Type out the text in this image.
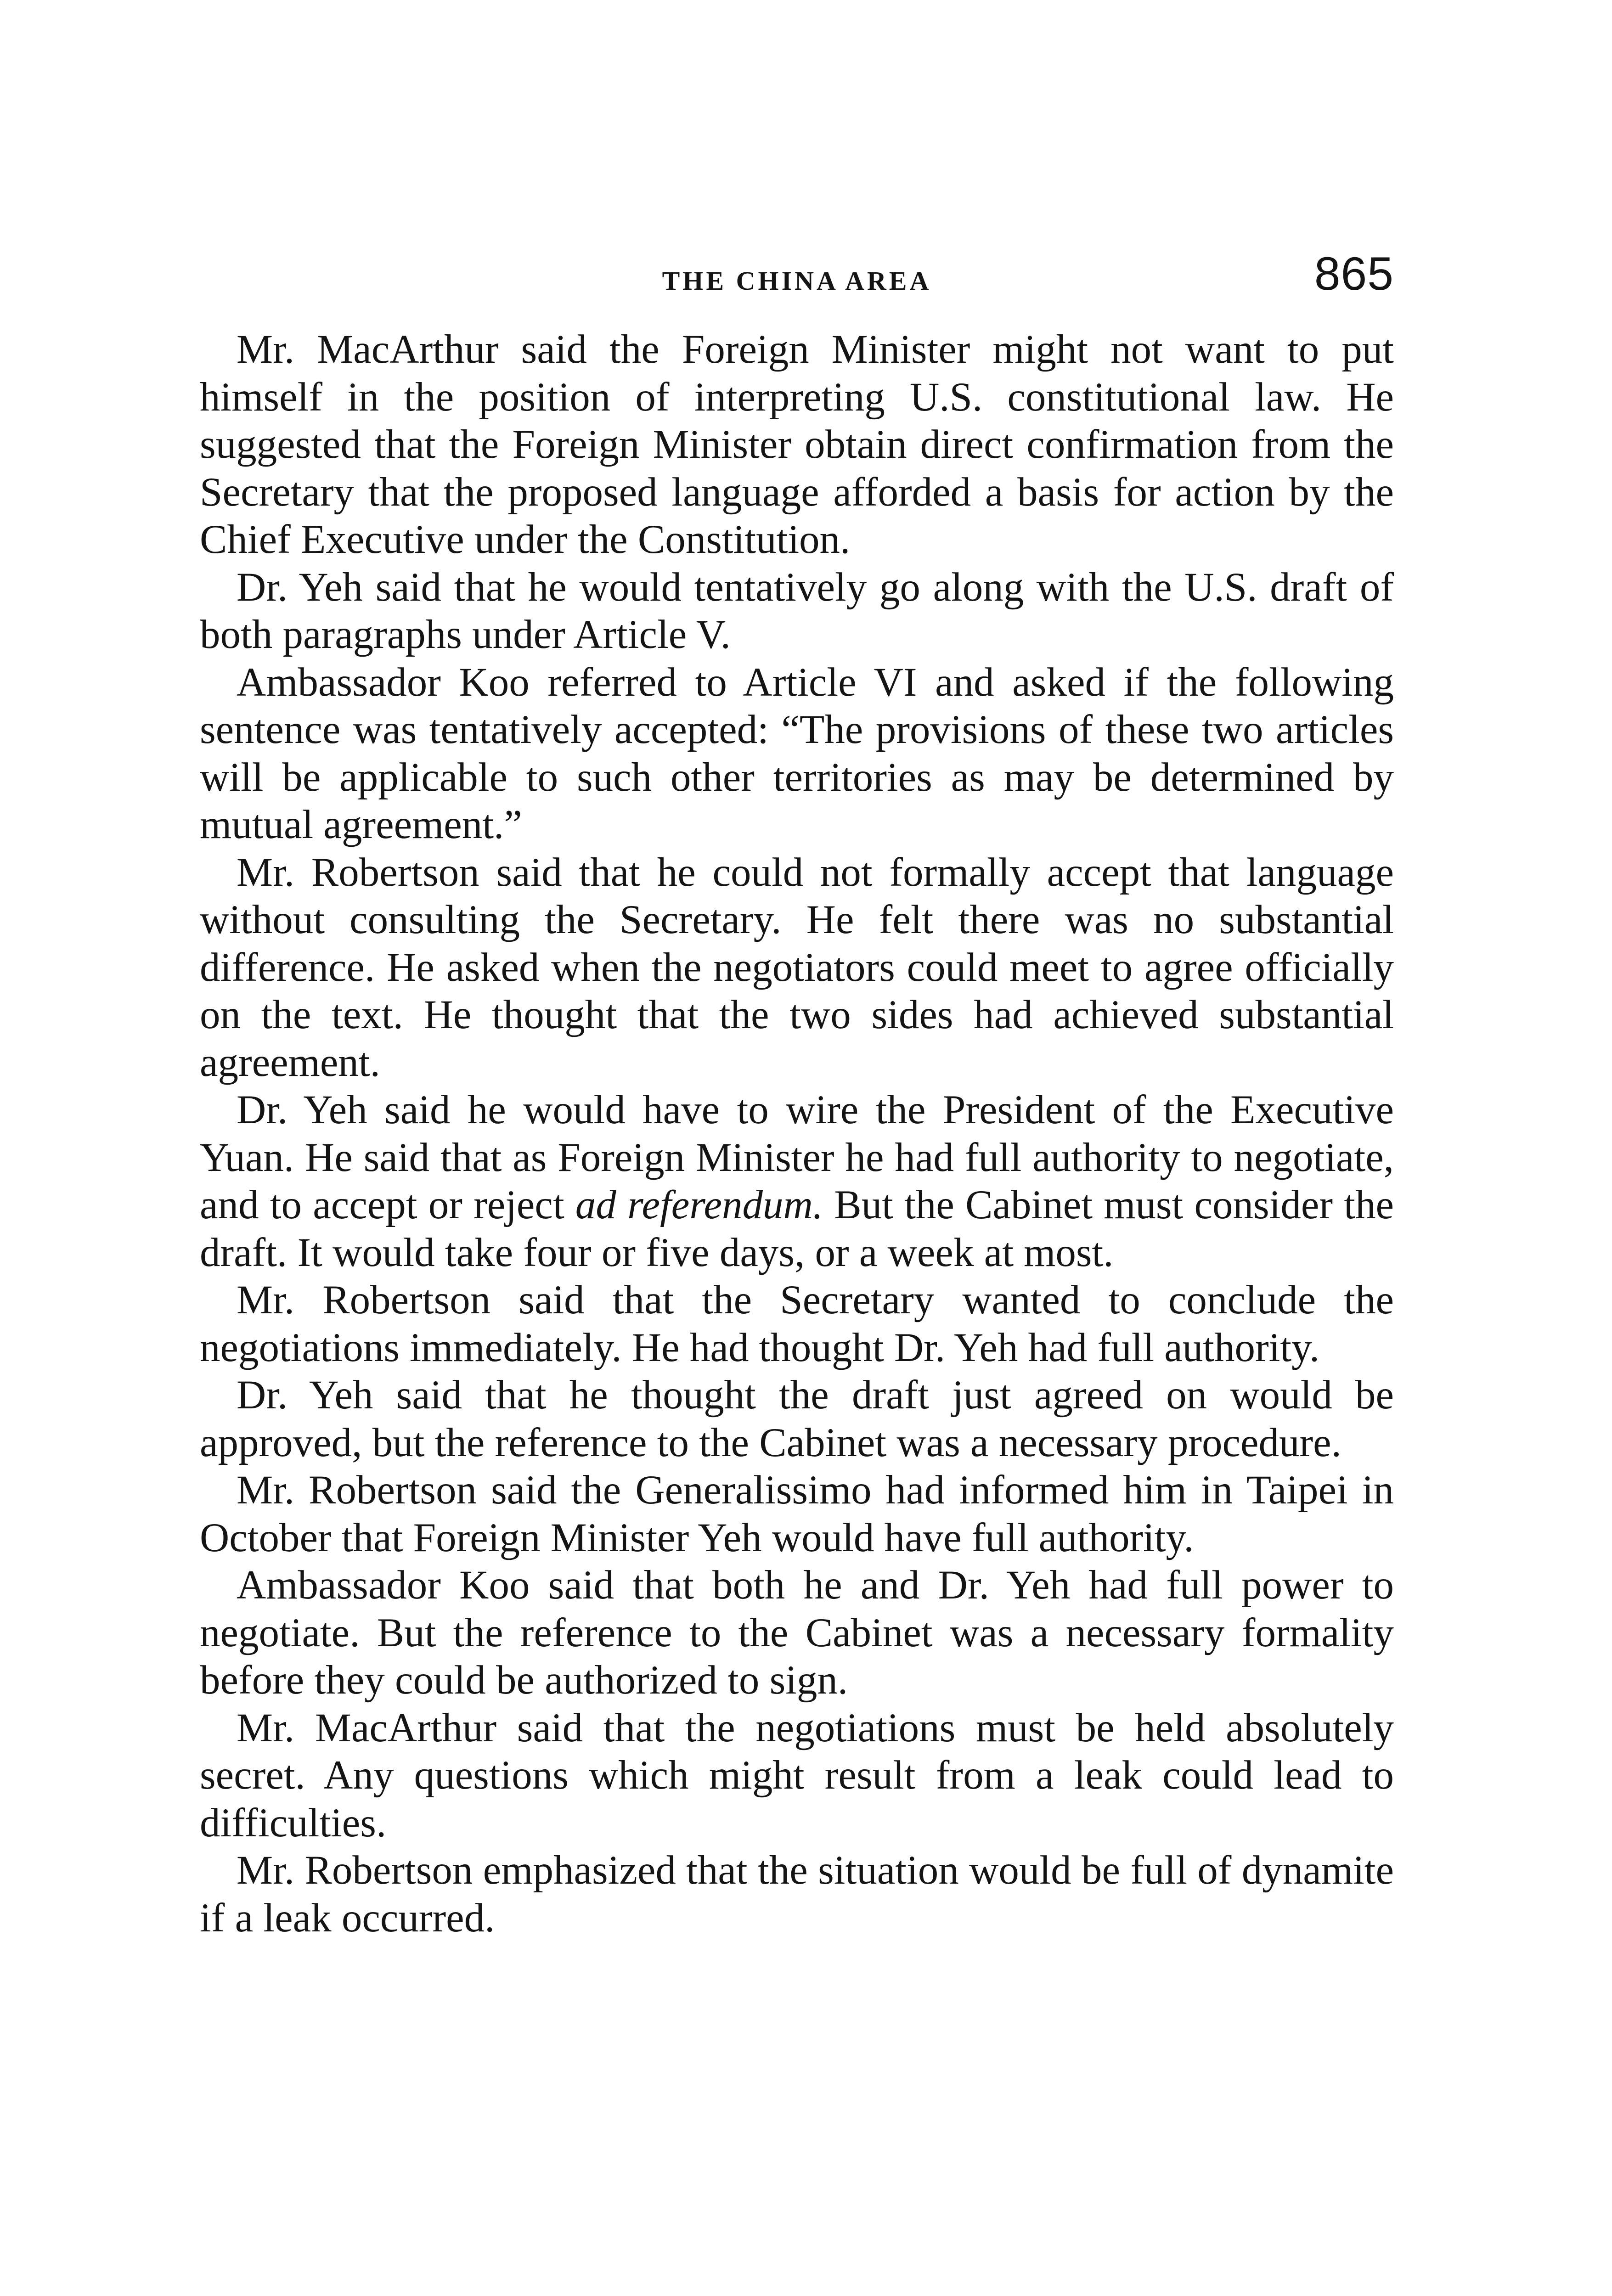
THE CHINA AREA	865

Mr. MacArthur said the Foreign Minister might not want to put himself in the position of interpreting U.S. constitutional law. He suggested that the Foreign Minister obtain direct confirmation from the Secretary that the proposed language afforded a basis for action by the Chief Executive under the Constitution.

Dr. Yeh said that he would tentatively go along with the U.S. draft of both paragraphs under Article V.

Ambassador Koo referred to Article VI and asked if the following sentence was tentatively accepted: “The provisions of these two articles will be applicable to such other territories as may be determined by mutual agreement.”

Mr. Robertson said that he could not formally accept that language without consulting the Secretary. He felt there was no substantial difference. He asked when the negotiators could meet to agree officially on the text. He thought that the two sides had achieved substantial agreement.

Dr. Yeh said he would have to wire the President of the Executive Yuan. He said that as Foreign Minister he had full authority to negotiate, and to accept or reject ad referendum. But the Cabinet must consider the draft. It would take four or five days, or a week at most.

Mr. Robertson said that the Secretary wanted to conclude the negotiations immediately. He had thought Dr. Yeh had full authority.

Dr. Yeh said that he thought the draft just agreed on would be approved, but the reference to the Cabinet was a necessary procedure.

Mr. Robertson said the Generalissimo had informed him in Taipei in October that Foreign Minister Yeh would have full authority.

Ambassador Koo said that both he and Dr. Yeh had full power to negotiate. But the reference to the Cabinet was a necessary formality before they could be authorized to sign.

Mr. MacArthur said that the negotiations must be held absolutely secret. Any questions which might result from a leak could lead to difficulties.

Mr. Robertson emphasized that the situation would be full of dynamite if a leak occurred.
